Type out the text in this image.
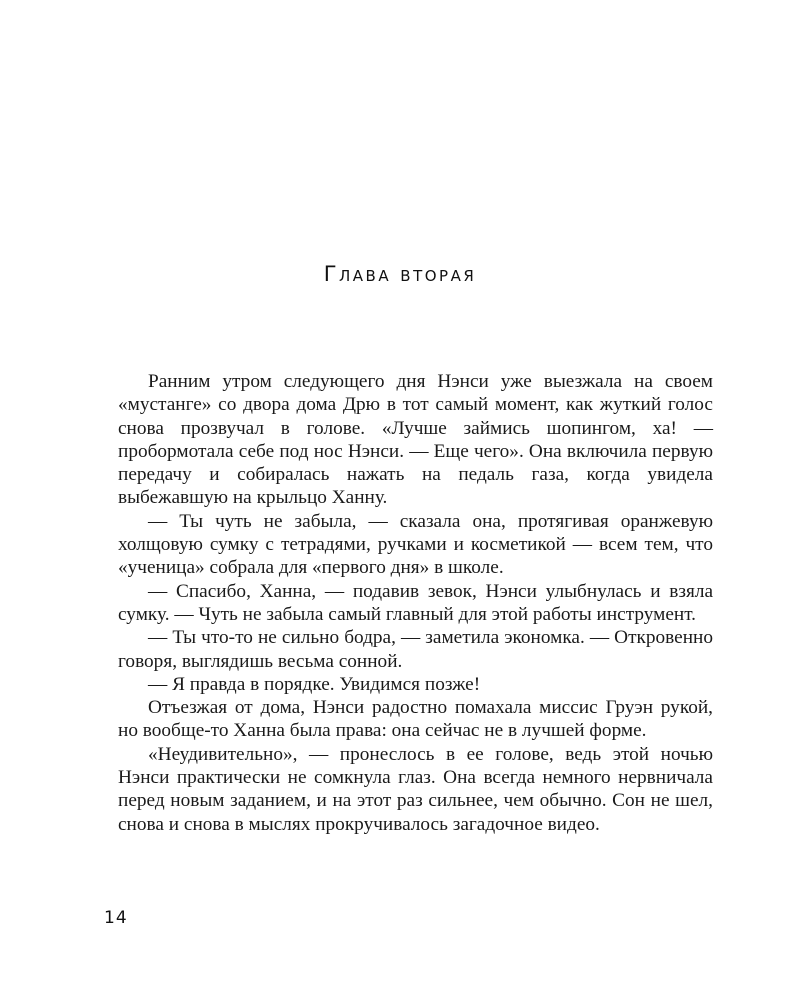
Глава вторая

Ранним утром следующего дня Нэнси уже выезжала на своем «мустанге» со двора дома Дрю в тот самый момент, как жуткий голос снова прозвучал в голове. «Лучше займись шопингом, ха! — пробормотала себе под нос Нэнси. — Еще чего». Она включила первую передачу и собиралась нажать на педаль газа, когда увидела выбежавшую на крыльцо Ханну.

— Ты чуть не забыла, — сказала она, протягивая оранжевую холщовую сумку с тетрадями, ручками и косметикой — всем тем, что «ученица» собрала для «первого дня» в школе.

— Спасибо, Ханна, — подавив зевок, Нэнси улыбнулась и взяла сумку. — Чуть не забыла самый главный для этой работы инструмент.

— Ты что-то не сильно бодра, — заметила экономка. — Откровенно говоря, выглядишь весьма сонной.

— Я правда в порядке. Увидимся позже!

Отъезжая от дома, Нэнси радостно помахала миссис Груэн рукой, но вообще-то Ханна была права: она сейчас не в лучшей форме.

«Неудивительно», — пронеслось в ее голове, ведь этой ночью Нэнси практически не сомкнула глаз. Она всегда немного нервничала перед новым заданием, и на этот раз сильнее, чем обычно. Сон не шел, снова и снова в мыслях прокручивалось загадочное видео.

14
